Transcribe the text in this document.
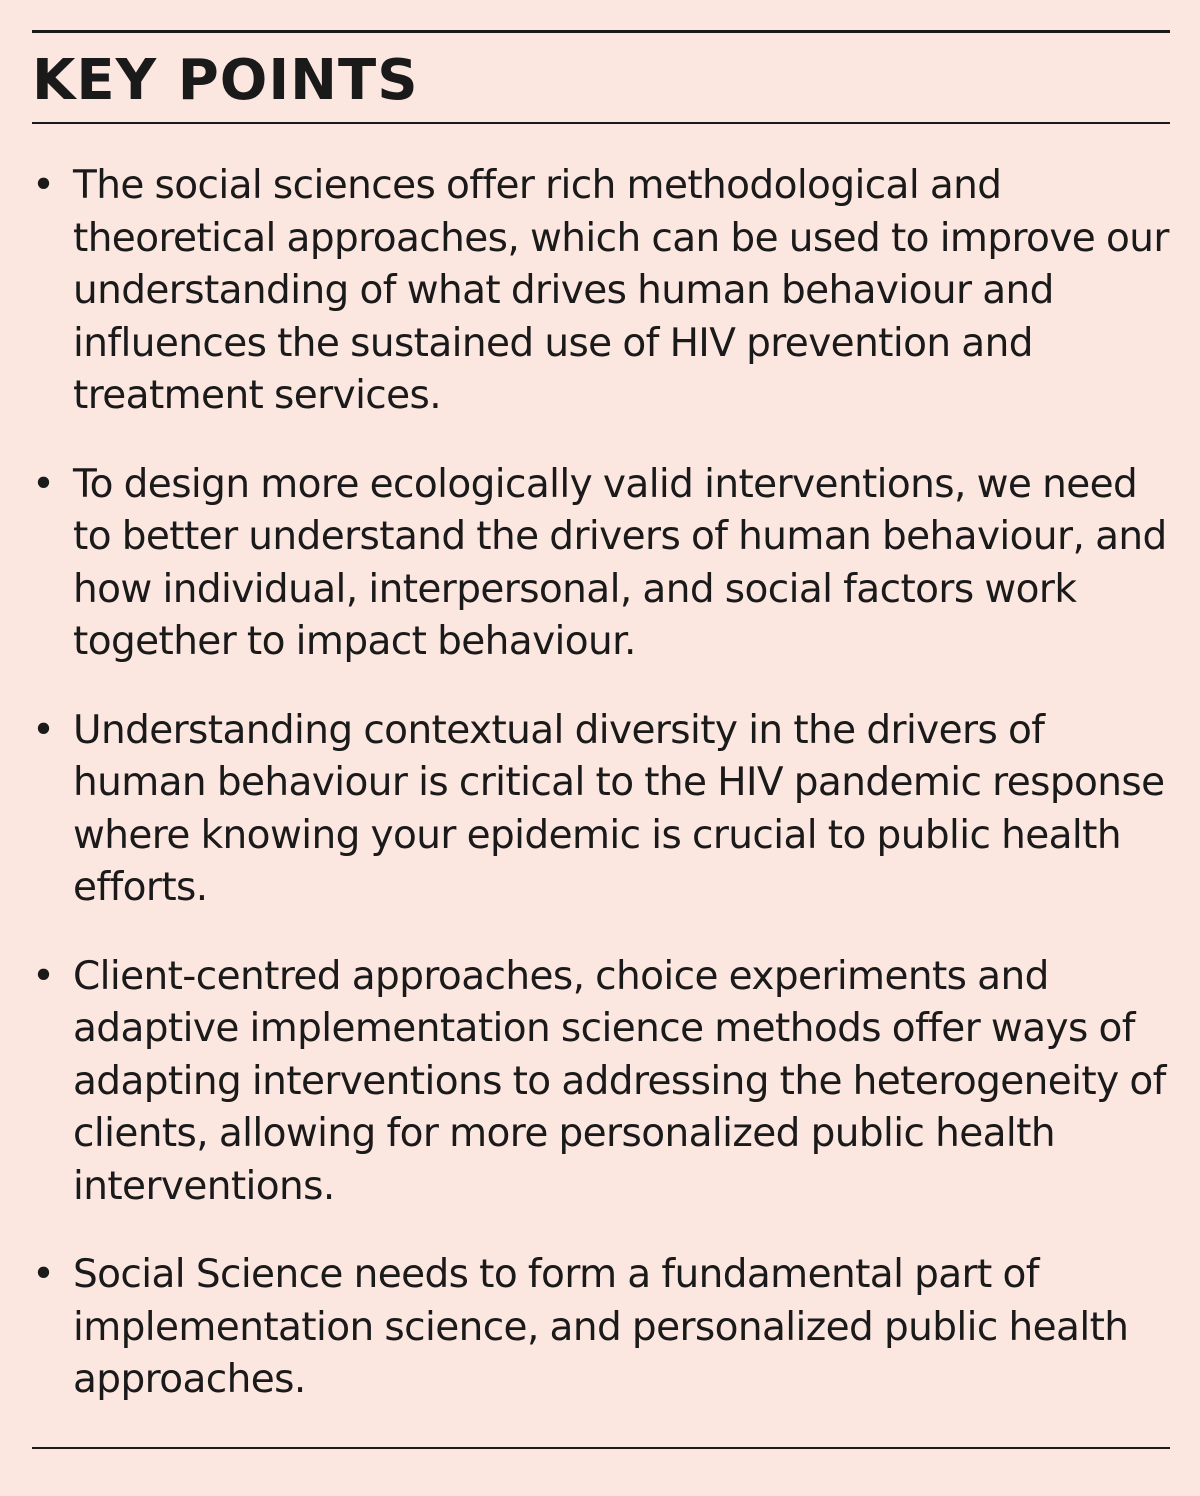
KEY POINTS
• The social sciences offer rich methodological and theoretical approaches, which can be used to improve our understanding of what drives human behaviour and influences the sustained use of HIV prevention and treatment services.
• To design more ecologically valid interventions, we need to better understand the drivers of human behaviour, and how individual, interpersonal, and social factors work together to impact behaviour.
• Understanding contextual diversity in the drivers of human behaviour is critical to the HIV pandemic response where knowing your epidemic is crucial to public health efforts.
• Client-centred approaches, choice experiments and adaptive implementation science methods offer ways of adapting interventions to addressing the heterogeneity of clients, allowing for more personalized public health interventions.
• Social Science needs to form a fundamental part of implementation science, and personalized public health approaches.
